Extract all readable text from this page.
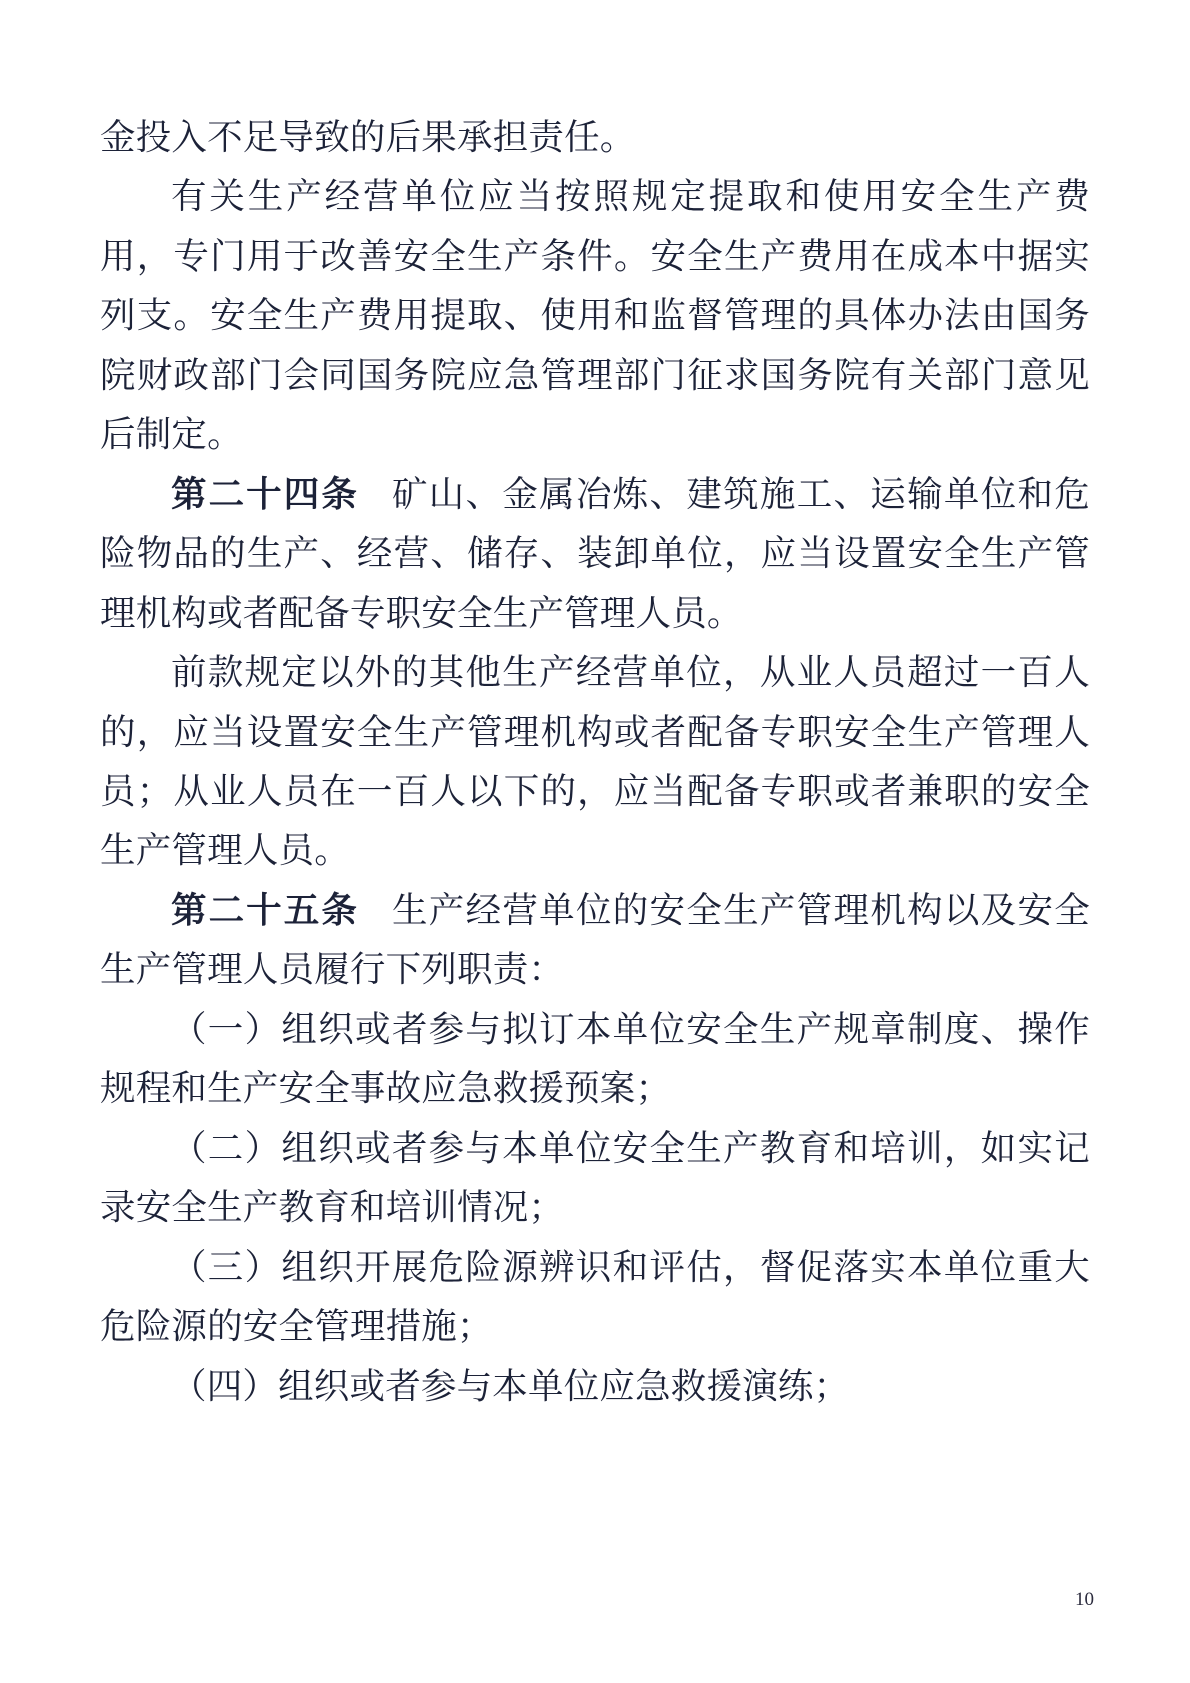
金投入不足导致的后果承担责任。

有关生产经营单位应当按照规定提取和使用安全生产费用，专门用于改善安全生产条件。安全生产费用在成本中据实列支。安全生产费用提取、使用和监督管理的具体办法由国务院财政部门会同国务院应急管理部门征求国务院有关部门意见后制定。

第二十四条 矿山、金属冶炼、建筑施工、运输单位和危险物品的生产、经营、储存、装卸单位，应当设置安全生产管理机构或者配备专职安全生产管理人员。

前款规定以外的其他生产经营单位，从业人员超过一百人的，应当设置安全生产管理机构或者配备专职安全生产管理人员；从业人员在一百人以下的，应当配备专职或者兼职的安全生产管理人员。

第二十五条 生产经营单位的安全生产管理机构以及安全生产管理人员履行下列职责：

（一）组织或者参与拟订本单位安全生产规章制度、操作规程和生产安全事故应急救援预案；

（二）组织或者参与本单位安全生产教育和培训，如实记录安全生产教育和培训情况；

（三）组织开展危险源辨识和评估，督促落实本单位重大危险源的安全管理措施；

（四）组织或者参与本单位应急救援演练；

10
